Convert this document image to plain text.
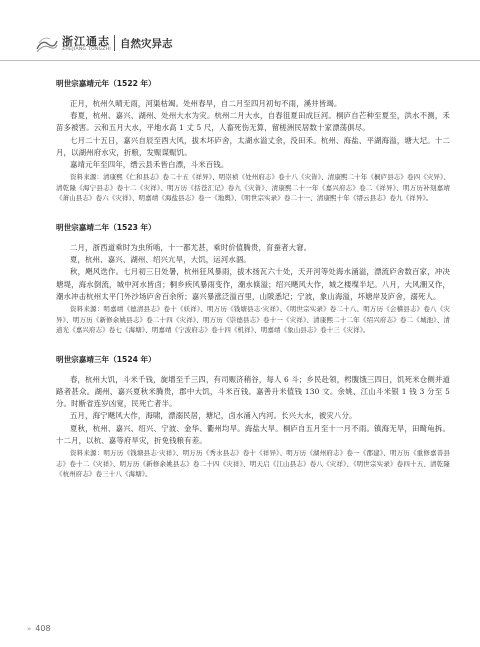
浙江通志
ZHEJIANG TONGZHI 自然灾异志
明世宗嘉靖元年（1522 年）

正月，杭州久晴无雨，河渠枯竭。处州春旱，自二月至四月初旬不雨，溪井皆竭。

春夏，杭州、嘉兴、湖州、处州大水为灾。杭州二月大水，自春徂夏田成巨河。桐庐自芒种至夏至，洪水不测，禾苗多被害。云和五月大水，平地水高 1 丈 5 尺，人畜死伤无算，留槎洲民居数十家漂荡俱尽。

七月二十五日，嘉兴自辰至酉大风，拔木坏庐舍，太湖水溢丈余，没田禾。杭州、海盐、平湖海溢，塘大圮。十二月，以湖州府水灾，折粮，发赈谋赈饥。

嘉靖元年至四年，缙云县禾皆白漂，斗米百钱。

资料来源：清康熙《仁和县志》卷二十五《祥异》、明崇祯《处州府志》卷十八《灾眚》、清康熙二十年《桐庐县志》卷四《灾异》、清乾隆《海宁县志》卷十二《灾祥》、明万历《括苍汇记》卷九《灾眚》、清康熙二十一年《嘉兴府志》卷二《祥异》、明万历补刻嘉靖《萧山县志》卷六《灾祥》、明嘉靖《海盐县志》卷一《地舆》、《明世宗实录》卷二十一、清康熙十年《缙云县志》卷九《祥异》。

明世宗嘉靖二年（1523 年）

二月，浙西道乘时为虫所啮，十一都尤甚，乘时价值腾贵，育蚕者大窘。

夏，杭州、嘉兴、湖州、绍兴亢旱，大饥，运河水涸。

秋，飓风迭作。七月初三日处暑，杭州狂风暴雨，拔木扬瓦六十处，天开河等处海水涌溢，漂流庐舍数百家，冲决塘堤，海水倒流，城中河水皆卤；桐乡疾风暴雨变作，潮水倏溢；绍兴飓风大作，城之楼堞半圮。八月，大风潮又作，潮水冲击杭州太平门外沙场庐舍百余所；嘉兴暴涨泛溢百里，山陂悉圮；宁波，象山海溢，坏塘岸及庐舍，溺死人。

资料来源：明嘉靖《德清县志》卷十《妖祥》、明万历《钱塘县志·灾祥》、《明世宗实录》卷二十八、明万历《会稽县志》卷八《灾异》、明万历《新修余姚县志》卷二十四《灾祥》、明万历《崇德县志》卷十一《灾祥》、清康熙二十二年《绍兴府志》卷二《城池》、清道光《嘉兴府志》卷七《海塘》、明嘉靖《宁波府志》卷十四《机祥》、明嘉靖《象山县志》卷十三《灾祥》。

明世宗嘉靖三年（1524 年）

春，杭州大饥，斗米千钱，旋增至千三四，有司赈济稍谷，每人 6 斗；乡民赴领，枵腹饿三四日，饥死米仓侧并道路者甚众。湖州、嘉兴夏秋米腾贵，郡中大饥，斗米百钱。嘉善升米值钱 130 文。余姚、江山斗米银 1 钱 3 分至 5 分。时断省连岁凶宽，民死亡者半。

五月，海宁飓风大作，海啸，漂溺民居，塘圮，卤水涌入内河。长兴大水，被灾八分。

夏秋，杭州、嘉兴、绍兴、宁波、金华、衢州均旱。海盐大旱。桐庐自五月至十一月不雨。镇海无旱，田畸龟拆。十二月，以杭、嘉等府旱灾，折免钱粮有差。

资料来源：明万历《钱塘县志·灾祥》、明万历《秀水县志》卷十《祥异》、明万历《湖州府志》卷一《郡建》、明万历《重修嘉善县志》卷十二《灾祥》、明万历《新修余姚县志》卷二十四《灾祥》、明天启《江山县志》卷八《灾祥》、《明世宗实录》卷四十五、清乾隆《杭州府志》卷三十八《海塘》。

» 408
